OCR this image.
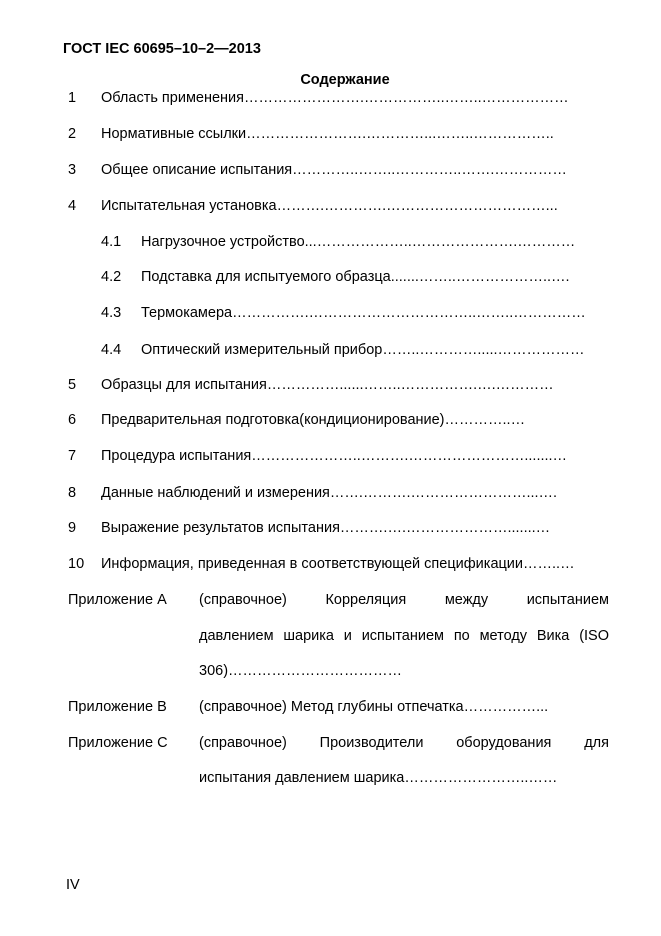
ГОСТ IEC 60695–10–2—2013
Содержание
1 Область применения…………………….……………..……..………………
2 Нормативные ссылки…………………….…………...……..……………..
3 Общее описание испытания…………..……..…………..…….……………
4 Испытательная установка……….………….……………………………...
4.1 Нагрузочное устройство...………………..………………….…………
4.2 Подставка для испытуемого образца.......……..………………..….
4.3 Термокамера…………….……………………………..……..……………
4.4 Оптический измерительный прибор……..………….....………………
5 Образцы для испытания……………......……..…………….….…………
6 Предварительная подготовка(кондиционирование)…………..…
7 Процедура испытания…………………..……….…………………….......…
8 Данные наблюдений и измерения…….……….……………………...….
9 Выражение результатов испытания……….….………………….......…
10 Информация, приведенная в соответствующей спецификации……..…
Приложение А (справочное)	Корреляция	между	испытанием
давлением шарика и испытанием по методу Вика (ISO
306)………………………………
Приложение В (справочное) Метод глубины отпечатка……………...
Приложение С (справочное) Производители оборудования для
испытания давлением шарика……………………..……
IV
